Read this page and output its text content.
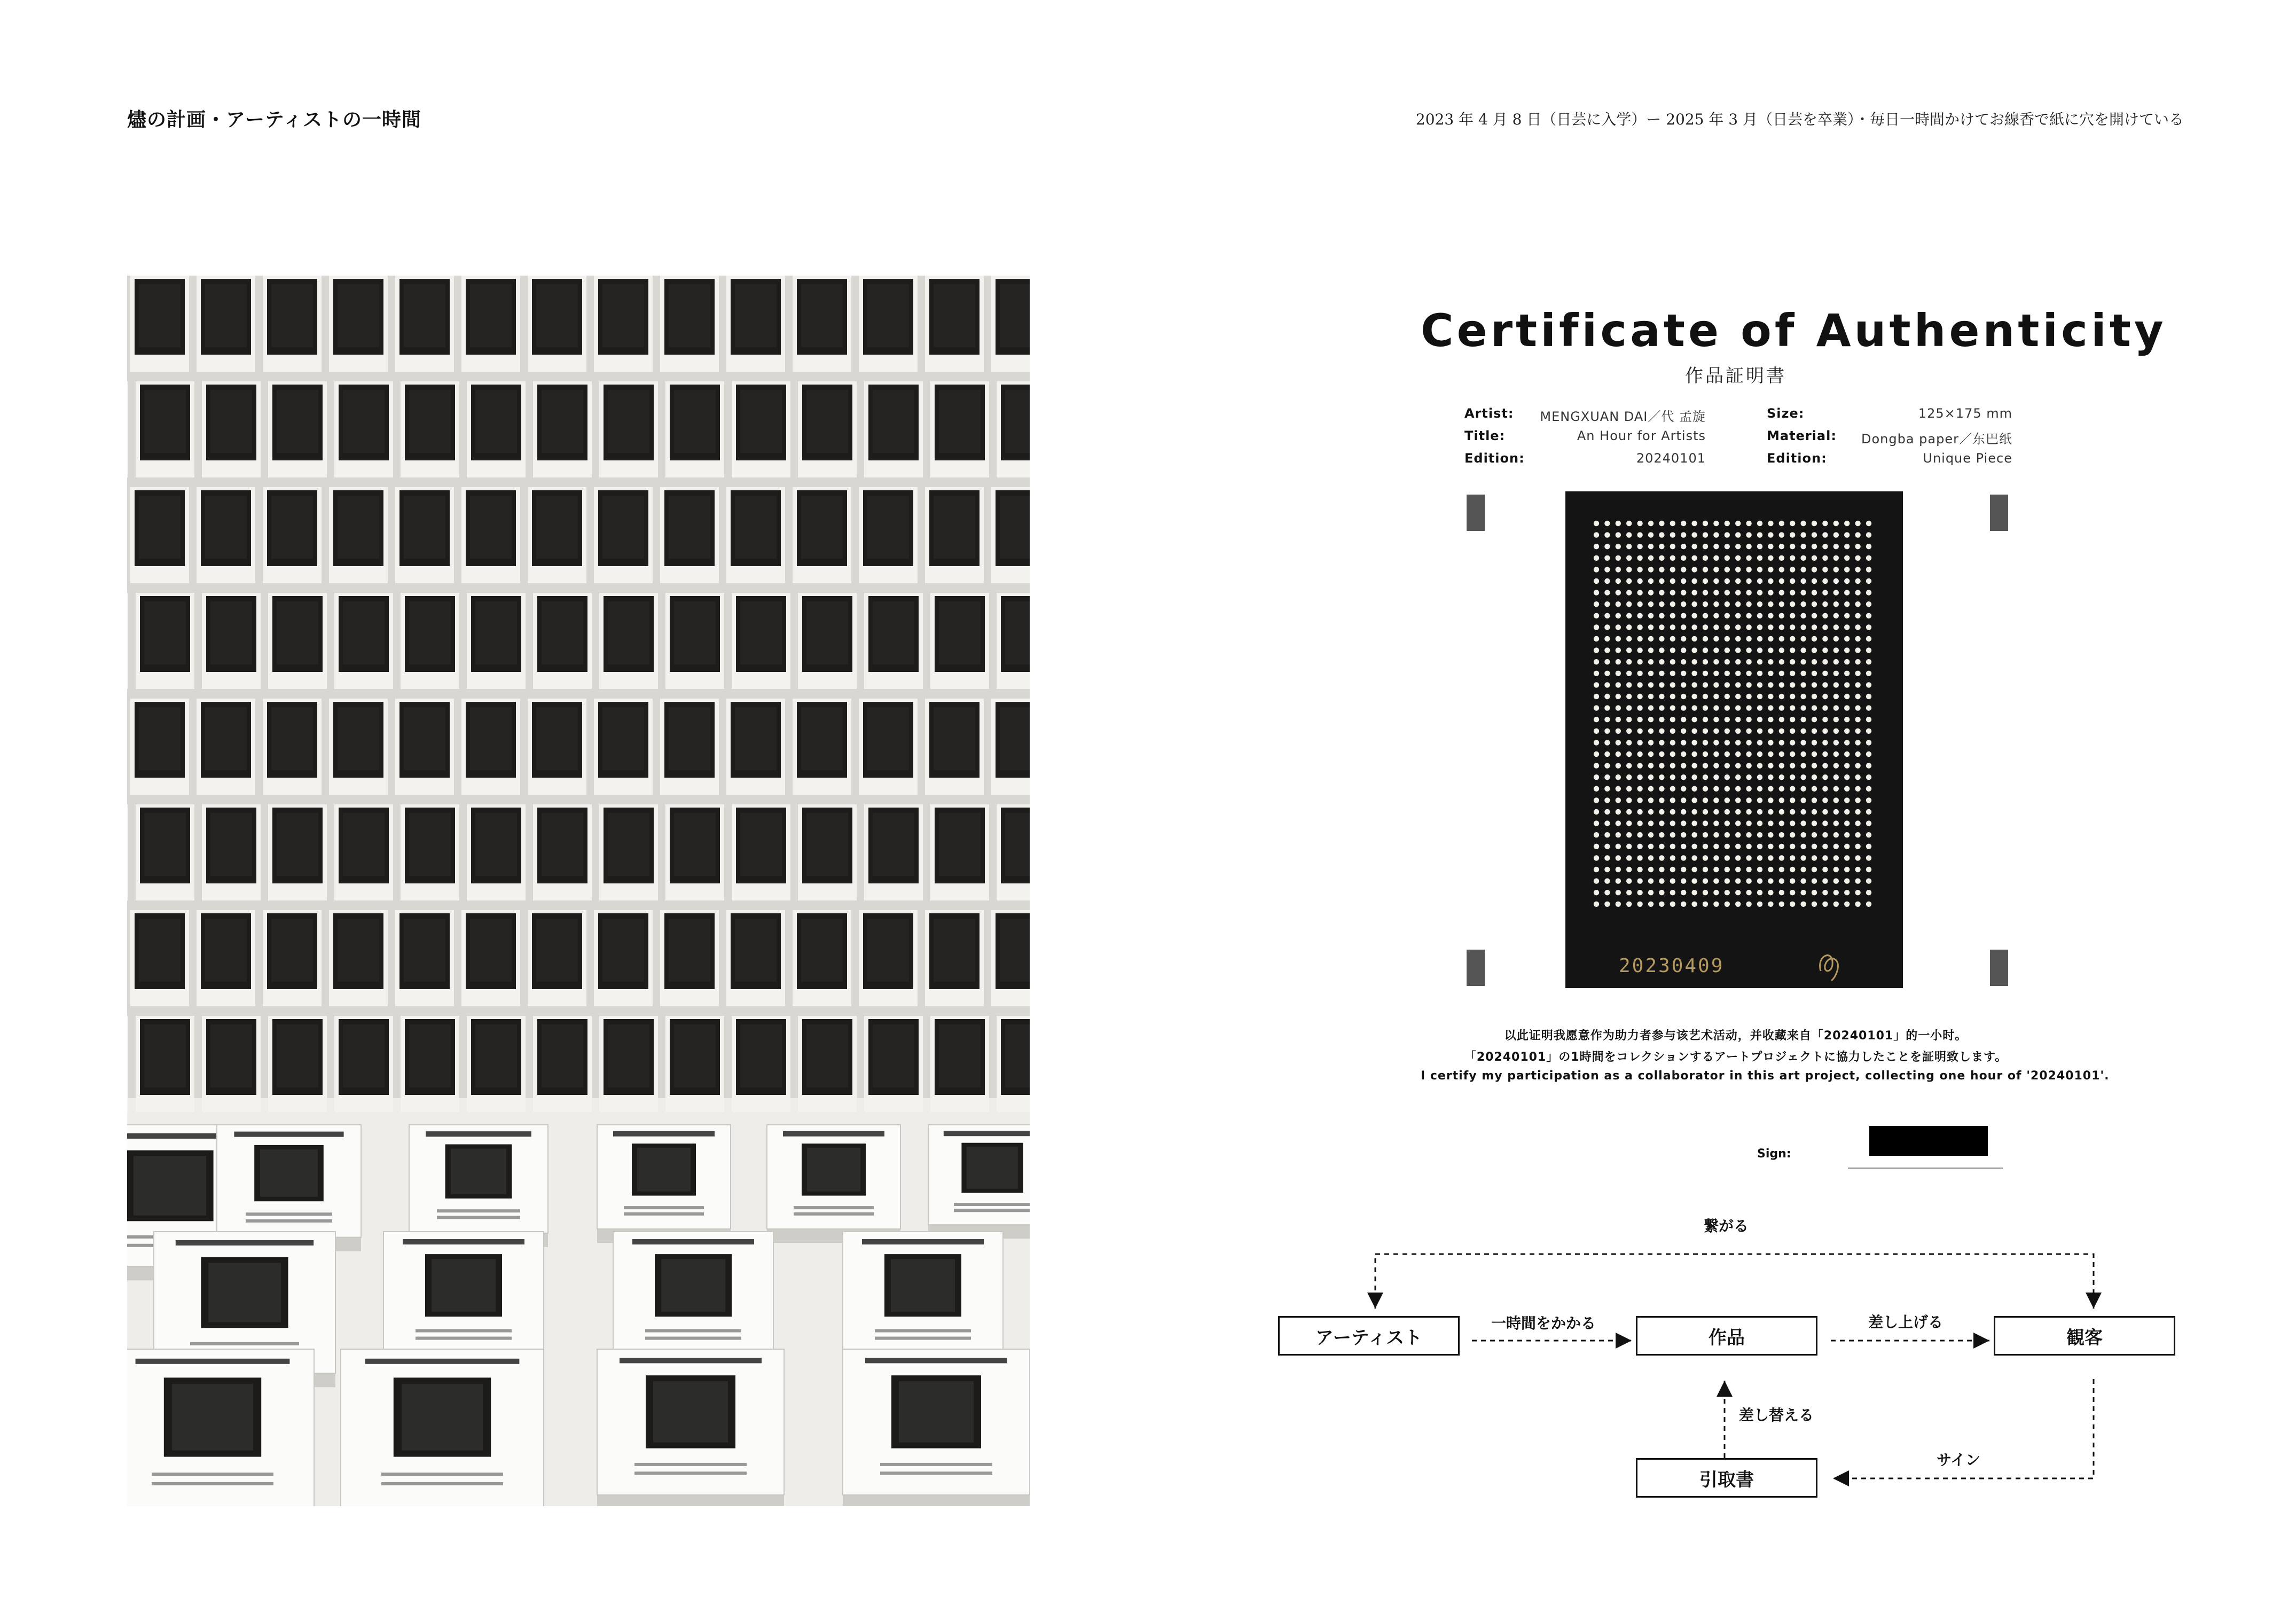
燼の計画・アーティストの一時間	2023 年 4 月 8 日（日芸に入学）ー 2025 年 3 月（日芸を卒業）・毎日一時間かけてお線香で紙に穴を開けている
Certificate of Authenticity
作品証明書
Artist: MENGXUAN DAI／代 孟旋
Title:	An Hour for Artists
Edition:	20240101
Size:	125×175 mm
Material: Dongba paper／东巴纸
Edition:	Unique Piece
20230409
以此证明我愿意作为助力者参与该艺术活动，并收藏来自「20240101」的一小时。
「20240101」の1時間をコレクションするアートプロジェクトに協力したことを証明致します。
I certify my participation as a collaborator in this art project, collecting one hour of '20240101'.
Sign:
繋がる
アーティスト	作品	観客
引取書
一時間をかかる	差し上げる
差し替える
サイン
